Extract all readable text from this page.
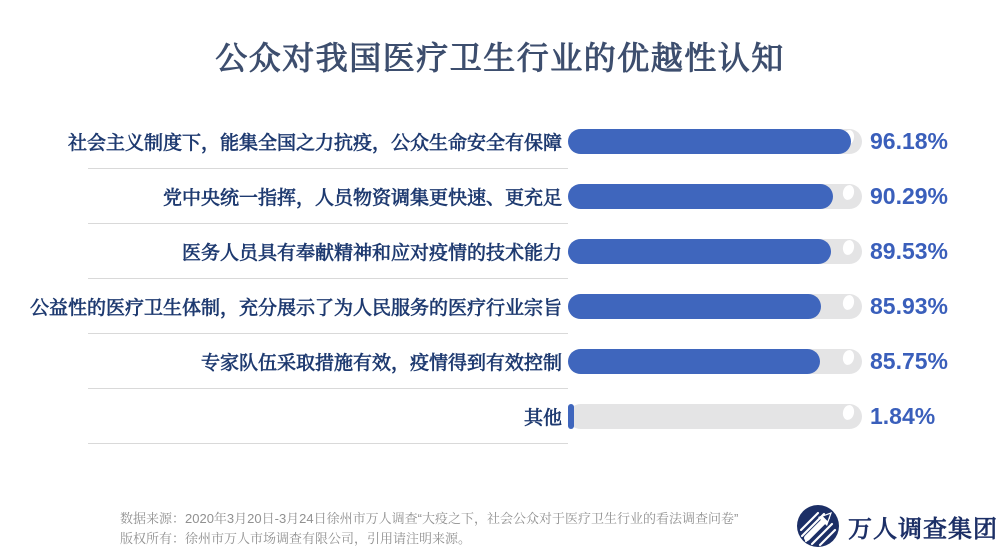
公众对我国医疗卫生行业的优越性认知
社会主义制度下，能集全国之力抗疫，公众生命安全有保障	96.18%
党中央统一指挥，人员物资调集更快速、更充足	90.29%
医务人员具有奉献精神和应对疫情的技术能力	89.53%
公益性的医疗卫生体制，充分展示了为人民服务的医疗行业宗旨	85.93%
专家队伍采取措施有效，疫情得到有效控制	85.75%
其他	1.84%
数据来源：2020年3月20日-3月24日徐州市万人调查“大疫之下，社会公众对于医疗卫生行业的看法调查问卷”
版权所有：徐州市万人市场调查有限公司，引用请注明来源。	万人调查集团
